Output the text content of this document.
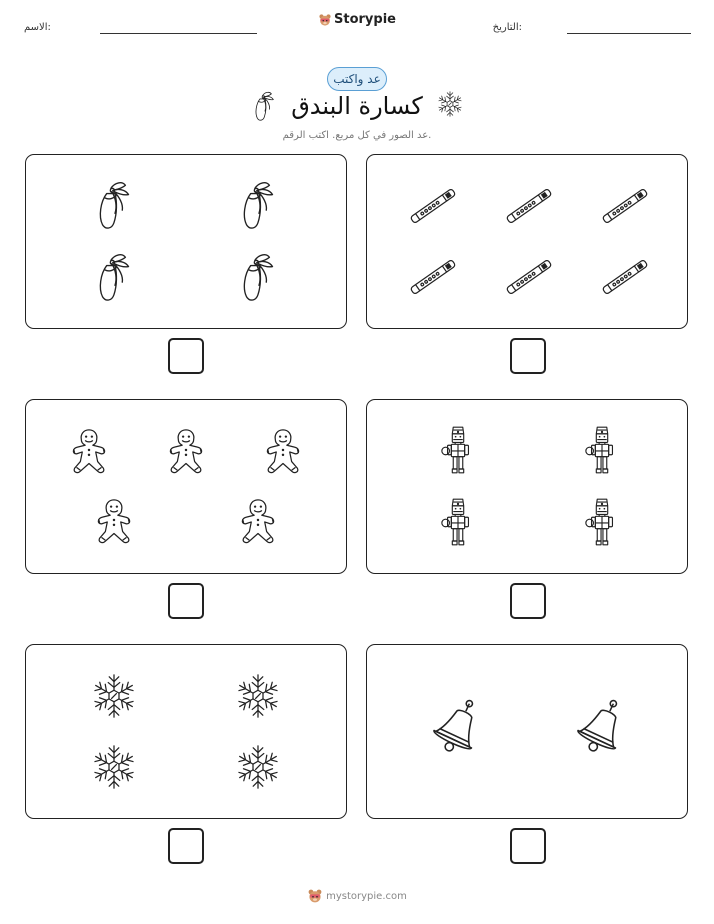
التاريخ:
Storypie
الاسم:
عد واكتب
كسارة البندق
عد الصور في كل مربع. اكتب الرقم.
mystorypie.com
